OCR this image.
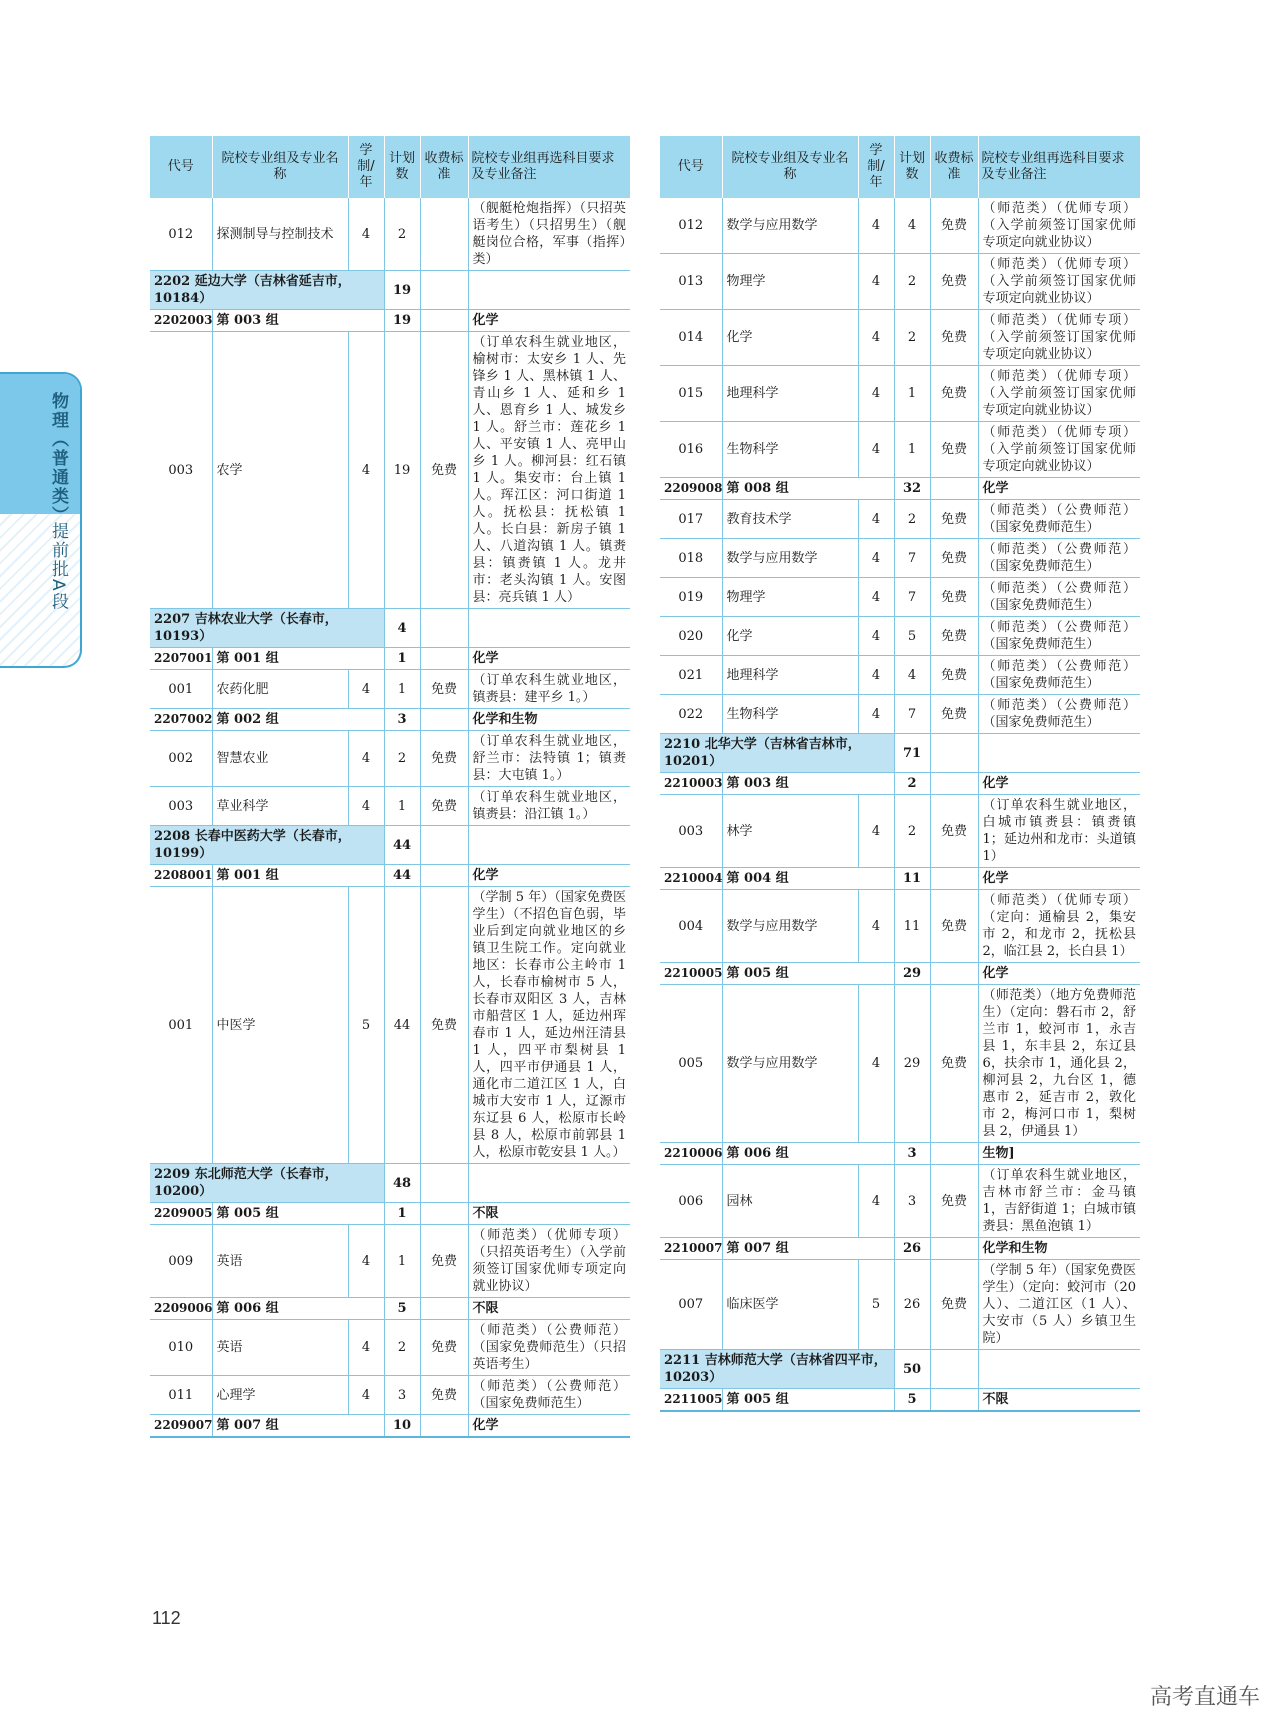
物理（普通类）
提前批A段
代号	院校专业组及专业名称	学制/年	计划数	收费标准	院校专业组再选科目要求及专业备注
012	探测制导与控制技术	4	2		（舰艇枪炮指挥）（只招英语考生）（只招男生）（舰艇岗位合格，军事（指挥）类）
2202 延边大学（吉林省延吉市，10184）			19		
2202003	第 003 组		19		化学
003	农学	4	19	免费	（订单农科生就业地区，榆树市：太安乡 1 人、先锋乡 1 人、黑林镇 1 人、青山乡 1 人、延和乡 1 人、恩育乡 1 人、城发乡 1 人。舒兰市：莲花乡 1 人、平安镇 1 人、亮甲山乡 1 人。柳河县：红石镇 1 人。集安市：台上镇 1 人。珲江区：河口街道 1 人。抚松县：抚松镇 1 人。长白县：新房子镇 1 人、八道沟镇 1 人。镇赉县：镇赉镇 1 人。龙井市：老头沟镇 1 人。安图县：亮兵镇 1 人）
2207 吉林农业大学（长春市，10193）			4		
2207001	第 001 组		1		化学
001	农药化肥	4	1	免费	（订单农科生就业地区，镇赉县：建平乡 1。）
2207002	第 002 组		3		化学和生物
002	智慧农业	4	2	免费	（订单农科生就业地区，舒兰市：法特镇 1；镇赉县：大屯镇 1。）
003	草业科学	4	1	免费	（订单农科生就业地区，镇赉县：沿江镇 1。）
2208 长春中医药大学（长春市，10199）			44		
2208001	第 001 组		44		化学
001	中医学	5	44	免费	（学制 5 年）（国家免费医学生）（不招色盲色弱，毕业后到定向就业地区的乡镇卫生院工作。定向就业地区：长春市公主岭市 1 人，长春市榆树市 5 人，长春市双阳区 3 人，吉林市船营区 1 人，延边州珲春市 1 人，延边州汪清县 1 人，四平市梨树县 1 人，四平市伊通县 1 人，通化市二道江区 1 人，白城市大安市 1 人，辽源市东辽县 6 人，松原市长岭县 8 人，松原市前郭县 1 人，松原市乾安县 1 人。）
2209 东北师范大学（长春市，10200）			48		
2209005	第 005 组		1		不限
009	英语	4	1	免费	（师范类）（优师专项）（只招英语考生）（入学前须签订国家优师专项定向就业协议）
2209006	第 006 组		5		不限
010	英语	4	2	免费	（师范类）（公费师范）（国家免费师范生）（只招英语考生）
011	心理学	4	3	免费	（师范类）（公费师范）（国家免费师范生）
2209007	第 007 组		10		化学
代号	院校专业组及专业名称	学制/年	计划数	收费标准	院校专业组再选科目要求及专业备注
012	数学与应用数学	4	4	免费	（师范类）（优师专项）（入学前须签订国家优师专项定向就业协议）
013	物理学	4	2	免费	（师范类）（优师专项）（入学前须签订国家优师专项定向就业协议）
014	化学	4	2	免费	（师范类）（优师专项）（入学前须签订国家优师专项定向就业协议）
015	地理科学	4	1	免费	（师范类）（优师专项）（入学前须签订国家优师专项定向就业协议）
016	生物科学	4	1	免费	（师范类）（优师专项）（入学前须签订国家优师专项定向就业协议）
2209008	第 008 组		32		化学
017	教育技术学	4	2	免费	（师范类）（公费师范）（国家免费师范生）
018	数学与应用数学	4	7	免费	（师范类）（公费师范）（国家免费师范生）
019	物理学	4	7	免费	（师范类）（公费师范）（国家免费师范生）
020	化学	4	5	免费	（师范类）（公费师范）（国家免费师范生）
021	地理科学	4	4	免费	（师范类）（公费师范）（国家免费师范生）
022	生物科学	4	7	免费	（师范类）（公费师范）（国家免费师范生）
2210 北华大学（吉林省吉林市，10201）			71		
2210003	第 003 组		2		化学
003	林学	4	2	免费	（订单农科生就业地区，白城市镇赉县：镇赉镇 1；延边州和龙市：头道镇 1）
2210004	第 004 组		11		化学
004	数学与应用数学	4	11	免费	（师范类）（优师专项）（定向：通榆县 2，集安市 2，和龙市 2，抚松县 2，临江县 2，长白县 1）
2210005	第 005 组		29		化学
005	数学与应用数学	4	29	免费	（师范类）（地方免费师范生）（定向：磐石市 2，舒兰市 1，蛟河市 1，永吉县 1，东丰县 2，东辽县 6，扶余市 1，通化县 2，柳河县 2，九台区 1，德惠市 2，延吉市 2，敦化市 2，梅河口市 1，梨树县 2，伊通县 1）
2210006	第 006 组		3		生物]
006	园林	4	3	免费	（订单农科生就业地区，吉林市舒兰市：金马镇 1，吉舒街道 1；白城市镇赉县：黑鱼泡镇 1）
2210007	第 007 组		26		化学和生物
007	临床医学	5	26	免费	（学制 5 年）（国家免费医学生）（定向：蛟河市（20 人）、二道江区（1 人）、大安市（5 人）乡镇卫生院）
2211 吉林师范大学（吉林省四平市，10203）			50		
2211005	第 005 组		5		不限
112
高考直通车
